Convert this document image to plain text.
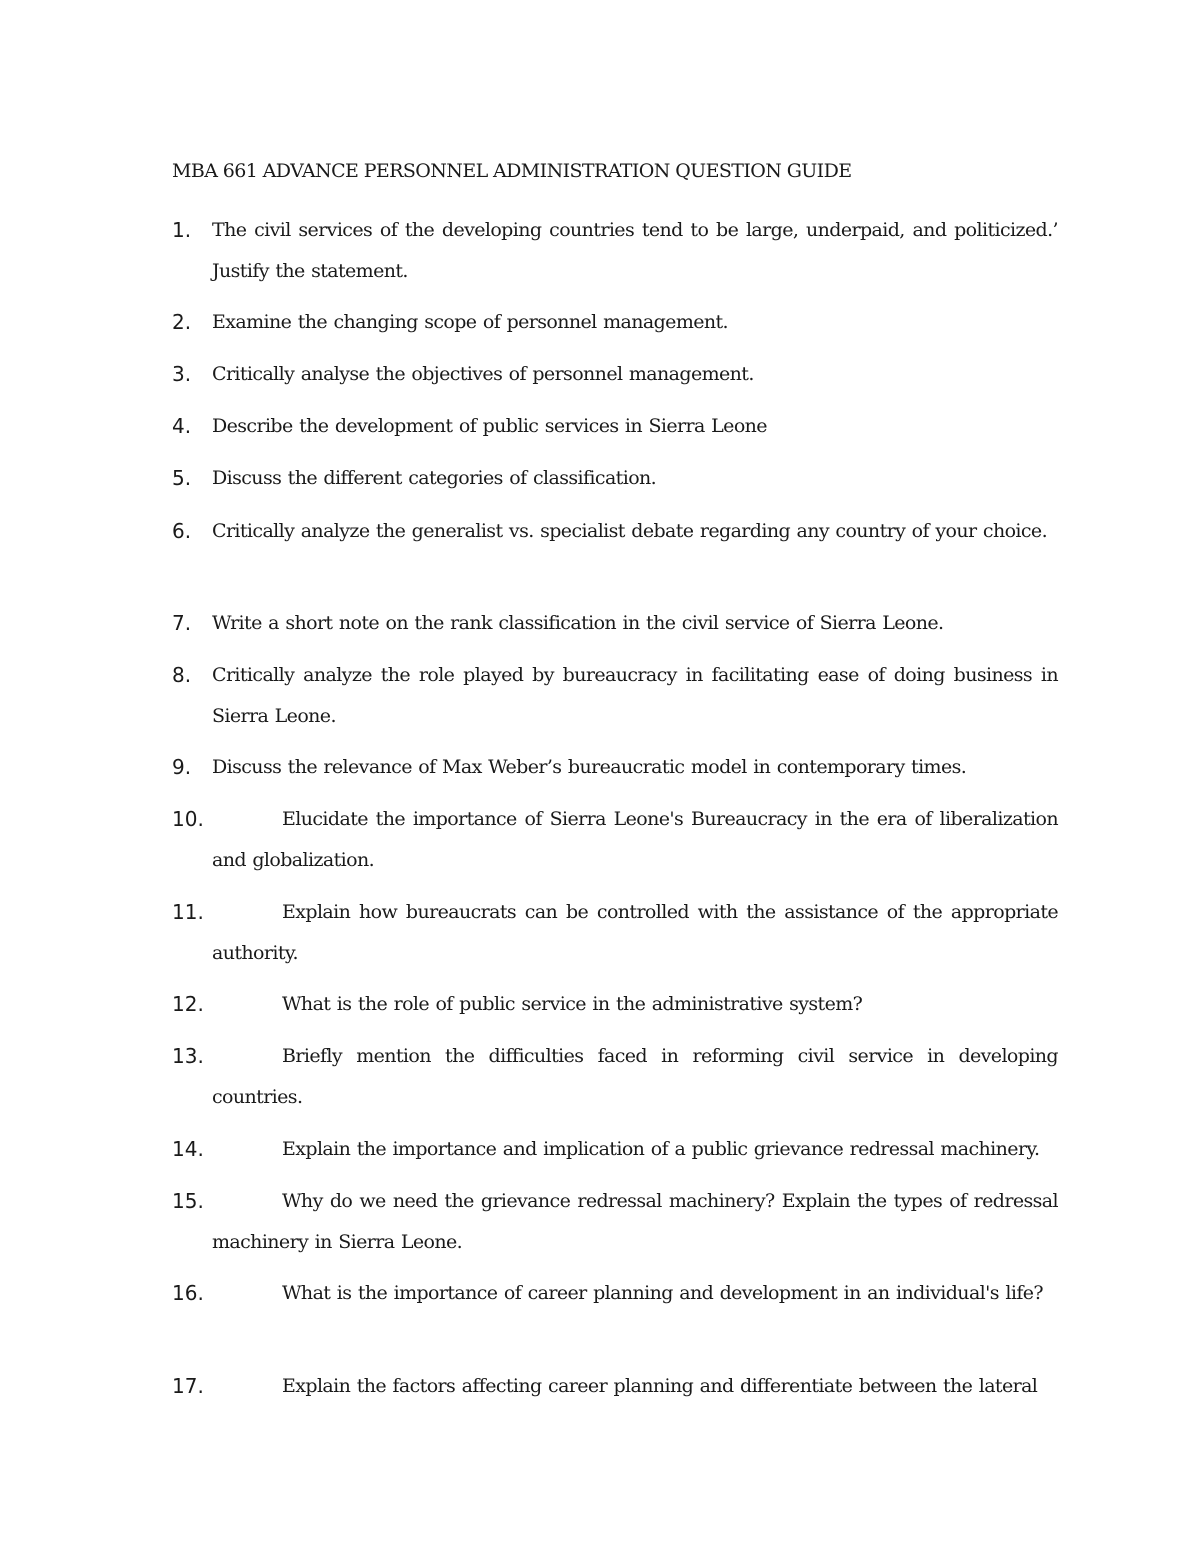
MBA 661 ADVANCE PERSONNEL ADMINISTRATION QUESTION GUIDE
1.	The civil services of the developing countries tend to be large, underpaid, and politicized.’ Justify the statement.
2.	Examine the changing scope of personnel management.
3.	Critically analyse the objectives of personnel management.
4.	Describe the development of public services in Sierra Leone
5.	Discuss the different categories of classification.
6.	Critically analyze the generalist vs. specialist debate regarding any country of your choice.
7.	Write a short note on the rank classification in the civil service of Sierra Leone.
8.	Critically analyze the role played by bureaucracy in facilitating ease of doing business in Sierra Leone.
9.	Discuss the relevance of Max Weber’s bureaucratic model in contemporary times.
10.	Elucidate the importance of Sierra Leone's Bureaucracy in the era of liberalization and globalization.
11.	Explain how bureaucrats can be controlled with the assistance of the appropriate authority.
12.	What is the role of public service in the administrative system?
13.	Briefly mention the difficulties faced in reforming civil service in developing countries.
14.	Explain the importance and implication of a public grievance redressal machinery.
15.	Why do we need the grievance redressal machinery? Explain the types of redressal machinery in Sierra Leone.
16.	What is the importance of career planning and development in an individual's life?
17.	Explain the factors affecting career planning and differentiate between the lateral
